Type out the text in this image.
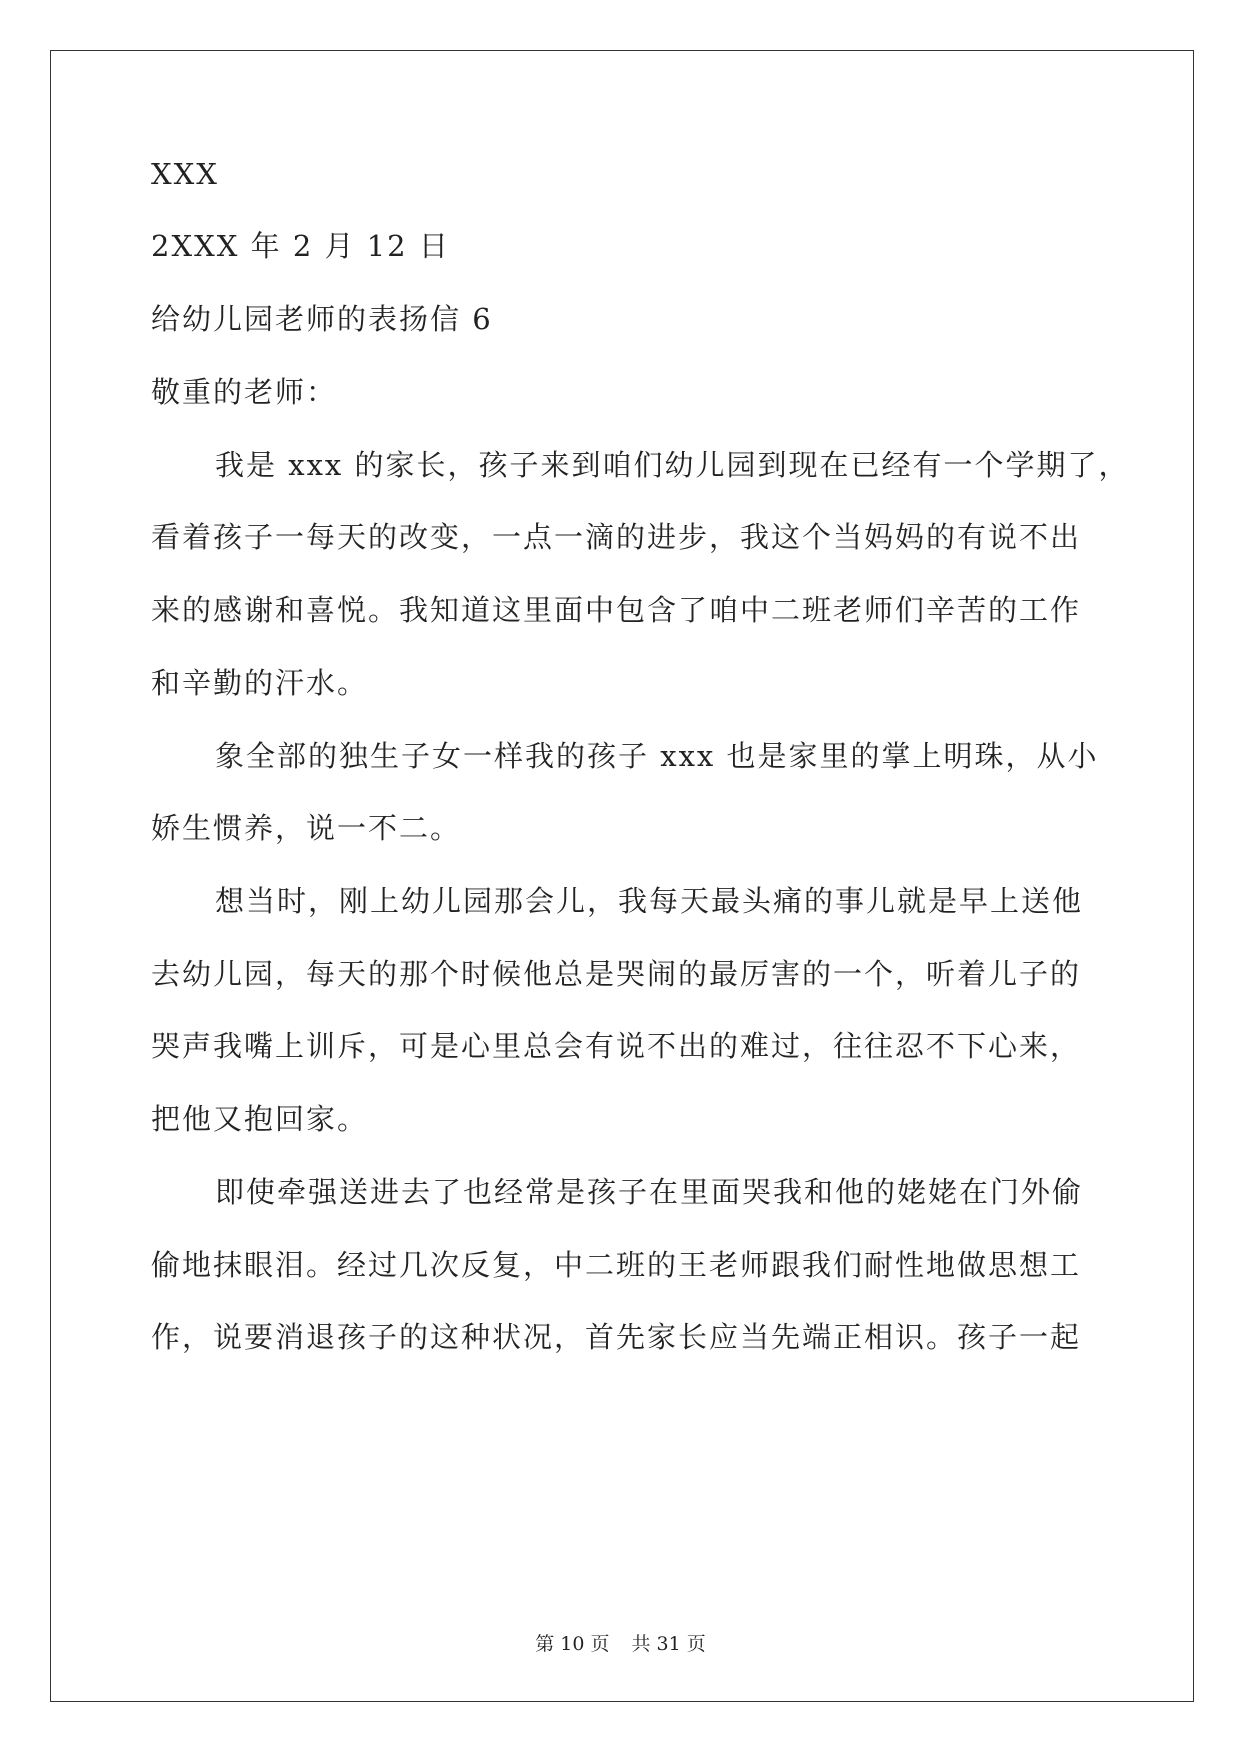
XXX
2XXX 年 2 月 12 日
给幼儿园老师的表扬信 6
敬重的老师：
我是 xxx 的家长，孩子来到咱们幼儿园到现在已经有一个学期了，
看着孩子一每天的改变，一点一滴的进步，我这个当妈妈的有说不出
来的感谢和喜悦。我知道这里面中包含了咱中二班老师们辛苦的工作
和辛勤的汗水。
象全部的独生子女一样我的孩子 xxx 也是家里的掌上明珠，从小
娇生惯养，说一不二。
想当时，刚上幼儿园那会儿，我每天最头痛的事儿就是早上送他
去幼儿园，每天的那个时候他总是哭闹的最厉害的一个，听着儿子的
哭声我嘴上训斥，可是心里总会有说不出的难过，往往忍不下心来，
把他又抱回家。
即使牵强送进去了也经常是孩子在里面哭我和他的姥姥在门外偷
偷地抹眼泪。经过几次反复，中二班的王老师跟我们耐性地做思想工
作，说要消退孩子的这种状况，首先家长应当先端正相识。孩子一起
第 10 页 共 31 页
